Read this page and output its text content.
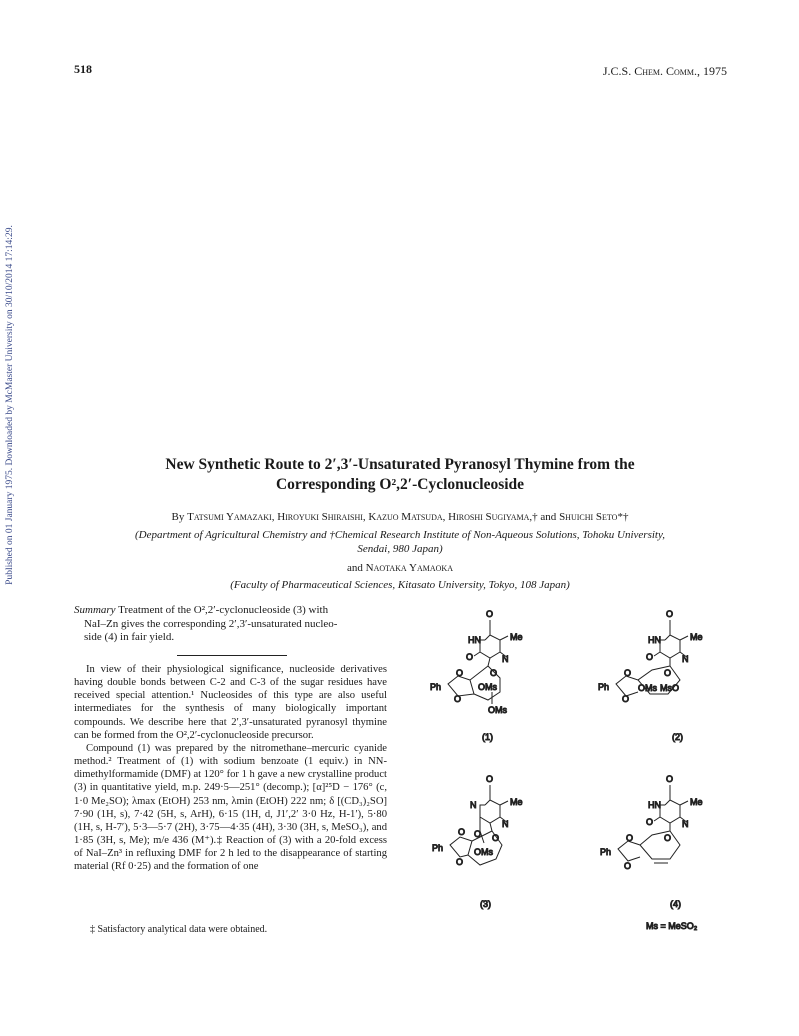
Published on 01 January 1975. Downloaded by McMaster University on 30/10/2014 17:14:29.
518	J.C.S. Chem. Comm., 1975
New Synthetic Route to 2′,3′-Unsaturated Pyranosyl Thymine from the
Corresponding O²,2′-Cyclonucleoside
By Tatsumi Yamazaki, Hiroyuki Shiraishi, Kazuo Matsuda, Hiroshi Sugiyama,† and Shuichi Seto*†
(Department of Agricultural Chemistry and †Chemical Research Institute of Non-Aqueous Solutions, Tohoku University,
Sendai, 980 Japan)
and Naotaka Yamaoka
(Faculty of Pharmaceutical Sciences, Kitasato University, Tokyo, 108 Japan)
Summary Treatment of the O²,2′-cyclonucleoside (3) with
NaI–Zn gives the corresponding 2′,3′-unsaturated nucleo-
side (4) in fair yield.

In view of their physiological significance, nucleoside derivatives having double bonds between C-2 and C-3 of the sugar residues have received special attention.¹ Nucleosides of this type are also useful intermediates for the synthesis of many biologically important compounds. We describe here that 2′,3′-unsaturated pyranosyl thymine can be formed from the O²,2′-cyclonucleoside precursor.

Compound (1) was prepared by the nitromethane–mercuric cyanide method.² Treatment of (1) with sodium benzoate (1 equiv.) in NN-dimethylformamide (DMF) at 120° for 1 h gave a new crystalline product (3) in quantitative yield, m.p. 249·5—251° (decomp.); [α]²⁵D − 176° (c, 1·0 Me₂SO); λmax (EtOH) 253 nm, λmin (EtOH) 222 nm; δ [(CD₃)₂SO] 7·90 (1H, s), 7·42 (5H, s, ArH), 6·15 (1H, d, J1′,2′ 3·0 Hz, H-1′), 5·80 (1H, s, H-7′), 5·3—5·7 (2H), 3·75—4·35 (4H), 3·30 (3H, s, MeSO₃), and 1·85 (3H, s, Me); m/e 436 (M⁺).‡ Reaction of (3) with a 20-fold excess of NaI–Zn³ in refluxing DMF for 2 h led to the disappearance of starting material (Rf 0·25) and the formation of one

‡ Satisfactory analytical data were obtained.
O
HN	Me
N
O
Ph
O
O
O
OMs
OMs
(1)
O
HN	Me
N
O
Ph
O
O
O
OMs MsO
(2)
O
N	Me
N
O
Ph
O
O
O
OMs
(3)
O
HN	Me
N
O
Ph
O
O
O
(4)
Ms = MeSO₂
